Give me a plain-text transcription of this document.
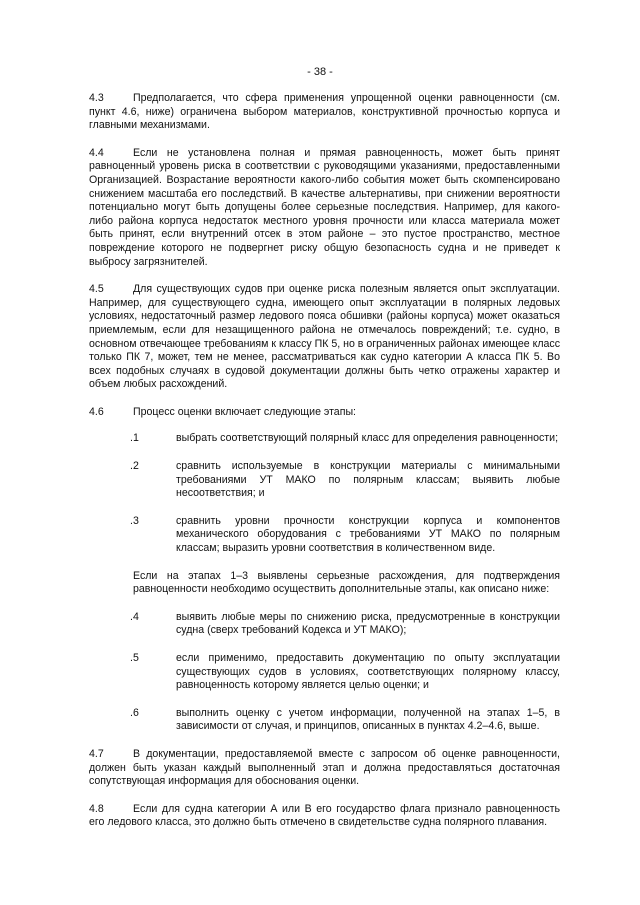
- 38 -
4.3	Предполагается, что сфера применения упрощенной оценки равноценности (см. пункт 4.6, ниже) ограничена выбором материалов, конструктивной прочностью корпуса и главными механизмами.
4.4	Если не установлена полная и прямая равноценность, может быть принят равноценный уровень риска в соответствии с руководящими указаниями, предоставленными Организацией. Возрастание вероятности какого-либо события может быть скомпенсировано снижением масштаба его последствий. В качестве альтернативы, при снижении вероятности потенциально могут быть допущены более серьезные последствия. Например, для какого-либо района корпуса недостаток местного уровня прочности или класса материала может быть принят, если внутренний отсек в этом районе – это пустое пространство, местное повреждение которого не подвергнет риску общую безопасность судна и не приведет к выбросу загрязнителей.
4.5	Для существующих судов при оценке риска полезным является опыт эксплуатации. Например, для существующего судна, имеющего опыт эксплуатации в полярных ледовых условиях, недостаточный размер ледового пояса обшивки (районы корпуса) может оказаться приемлемым, если для незащищенного района не отмечалось повреждений; т.е. судно, в основном отвечающее требованиям к классу ПК 5, но в ограниченных районах имеющее класс только ПК 7, может, тем не менее, рассматриваться как судно категории А класса ПК 5. Во всех подобных случаях в судовой документации должны быть четко отражены характер и объем любых расхождений.
4.6	Процесс оценки включает следующие этапы:
.1	выбрать соответствующий полярный класс для определения равноценности;
.2	сравнить используемые в конструкции материалы с минимальными требованиями УТ МАКО по полярным классам; выявить любые несоответствия; и
.3	сравнить уровни прочности конструкции корпуса и компонентов механического оборудования с требованиями УТ МАКО по полярным классам; выразить уровни соответствия в количественном виде.
Если на этапах 1–3 выявлены серьезные расхождения, для подтверждения равноценности необходимо осуществить дополнительные этапы, как описано ниже:
.4	выявить любые меры по снижению риска, предусмотренные в конструкции судна (сверх требований Кодекса и УТ МАКО);
.5	если применимо, предоставить документацию по опыту эксплуатации существующих судов в условиях, соответствующих полярному классу, равноценность которому является целью оценки; и
.6	выполнить оценку с учетом информации, полученной на этапах 1–5, в зависимости от случая, и принципов, описанных в пунктах 4.2–4.6, выше.
4.7	В документации, предоставляемой вместе с запросом об оценке равноценности, должен быть указан каждый выполненный этап и должна предоставляться достаточная сопутствующая информация для обоснования оценки.
4.8	Если для судна категории А или В его государство флага признало равноценность его ледового класса, это должно быть отмечено в свидетельстве судна полярного плавания.
